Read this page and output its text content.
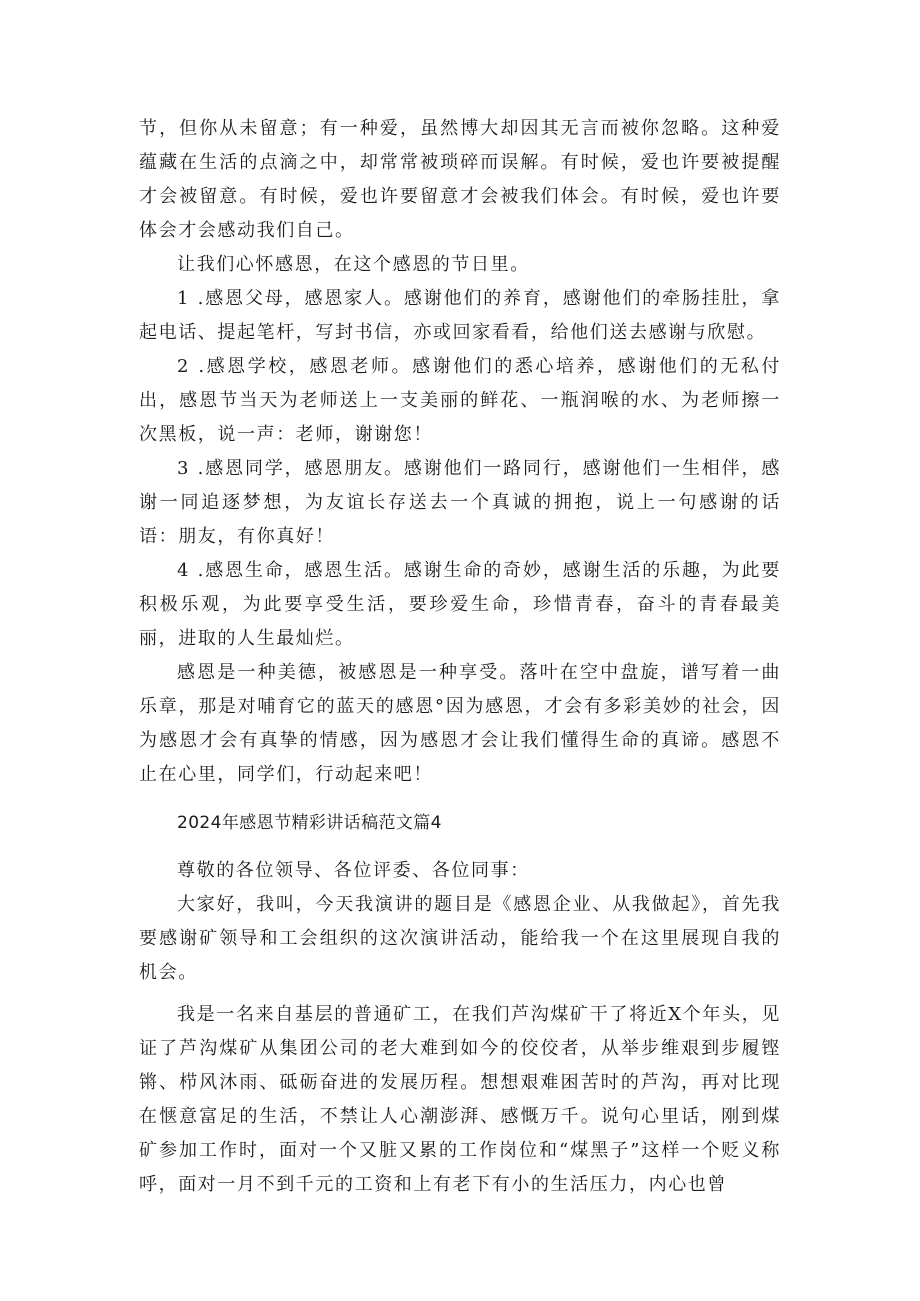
节，但你从未留意；有一种爱，虽然博大却因其无言而被你忽略。这种爱蕴藏在生活的点滴之中，却常常被琐碎而误解。有时候，爱也许要被提醒才会被留意。有时候，爱也许要留意才会被我们体会。有时候，爱也许要体会才会感动我们自己。

让我们心怀感恩，在这个感恩的节日里。

1 .感恩父母，感恩家人。感谢他们的养育，感谢他们的牵肠挂肚，拿起电话、提起笔杆，写封书信，亦或回家看看，给他们送去感谢与欣慰。

2 .感恩学校，感恩老师。感谢他们的悉心培养，感谢他们的无私付出，感恩节当天为老师送上一支美丽的鲜花、一瓶润喉的水、为老师擦一次黑板，说一声：老师，谢谢您！

3 .感恩同学，感恩朋友。感谢他们一路同行，感谢他们一生相伴，感谢一同追逐梦想，为友谊长存送去一个真诚的拥抱，说上一句感谢的话语：朋友，有你真好！

4 .感恩生命，感恩生活。感谢生命的奇妙，感谢生活的乐趣，为此要积极乐观，为此要享受生活，要珍爱生命，珍惜青春，奋斗的青春最美丽，进取的人生最灿烂。

感恩是一种美德，被感恩是一种享受。落叶在空中盘旋，谱写着一曲乐章，那是对哺育它的蓝天的感恩°因为感恩，才会有多彩美妙的社会，因为感恩才会有真挚的情感，因为感恩才会让我们懂得生命的真谛。感恩不止在心里，同学们，行动起来吧！

2024年感恩节精彩讲话稿范文篇4

尊敬的各位领导、各位评委、各位同事：

大家好，我叫，今天我演讲的题目是《感恩企业、从我做起》，首先我要感谢矿领导和工会组织的这次演讲活动，能给我一个在这里展现自我的机会。

我是一名来自基层的普通矿工，在我们芦沟煤矿干了将近X个年头，见证了芦沟煤矿从集团公司的老大难到如今的佼佼者，从举步维艰到步履铿锵、栉风沐雨、砥砺奋进的发展历程。想想艰难困苦时的芦沟，再对比现在惬意富足的生活，不禁让人心潮澎湃、感慨万千。说句心里话，刚到煤矿参加工作时，面对一个又脏又累的工作岗位和“煤黑子”这样一个贬义称呼，面对一月不到千元的工资和上有老下有小的生活压力，内心也曾
